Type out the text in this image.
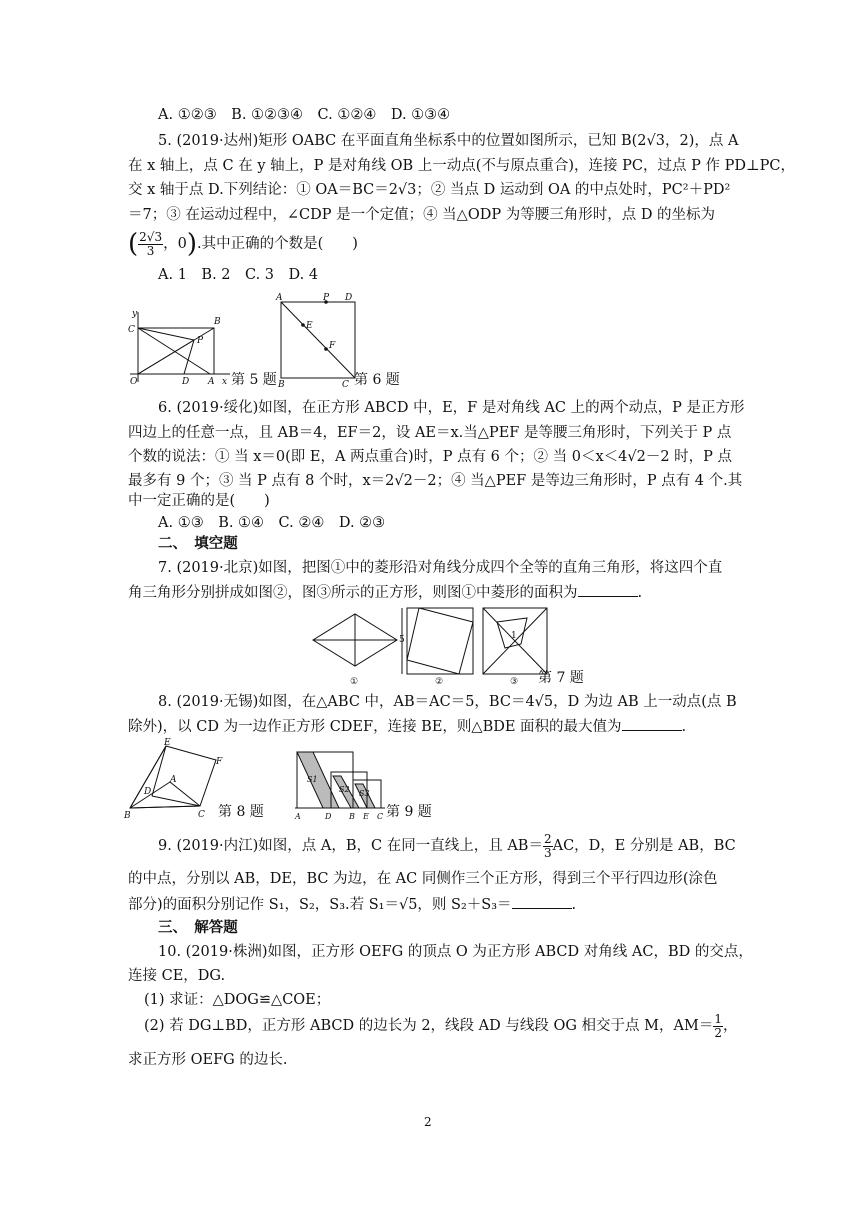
A. ①②③　B. ①②③④　C. ①②④　D. ①③④
5. (2019·达州)矩形 OABC 在平面直角坐标系中的位置如图所示，已知 B(2√3，2)，点 A
在 x 轴上，点 C 在 y 轴上，P 是对角线 OB 上一动点(不与原点重合)，连接 PC，过点 P 作 PD⊥PC，
交 x 轴于点 D.下列结论：① OA＝BC＝2√3；② 当点 D 运动到 OA 的中点处时，PC²＋PD²
＝7；③ 在运动过程中，∠CDP 是一个定值；④ 当△ODP 为等腰三角形时，点 D 的坐标为
( $\frac{2√3}{3}$ ，0).其中正确的个数是(　　)
A. 1　B. 2　C. 3　D. 4
y
C
B
P
O	D A x 第 5 题
A	P D
E
F
B	C 第 6 题
6. (2019·绥化)如图，在正方形 ABCD 中，E，F 是对角线 AC 上的两个动点，P 是正方形
四边上的任意一点，且 AB＝4，EF＝2，设 AE＝x.当△PEF 是等腰三角形时，下列关于 P 点
个数的说法：① 当 x＝0(即 E，A 两点重合)时，P 点有 6 个；② 当 0＜x＜4√2－2 时，P 点
最多有 9 个；③ 当 P 点有 8 个时，x＝2√2－2；④ 当△PEF 是等边三角形时，P 点有 4 个.其
中一定正确的是(　　)
A. ①③　B. ①④　C. ②④　D. ②③
二、　填空题
7. (2019·北京)如图，把图①中的菱形沿对角线分成四个全等的直角三角形，将这四个直
角三角形分别拼成如图②，图③所示的正方形，则图①中菱形的面积为	.
①	②	③
5	1
第 7 题
8. (2019·无锡)如图，在△ABC 中，AB＝AC＝5，BC＝4√5，D 为边 AB 上一动点(点 B
除外)，以 CD 为一边作正方形 CDEF，连接 BE，则△BDE 面积的最大值为	.
E
F
A
D
B	C 第 8 题
S1
S2 S3
A	D B E C 第 9 题
9. (2019·内江)如图，点 A，B，C 在同一直线上，且 $AB= \frac{2}{3}$ AC，D，E 分别是 AB，BC
的中点，分别以 AB，DE，BC 为边，在 AC 同侧作三个正方形，得到三个平行四边形(涂色
部分)的面积分别记作 S₁，S₂，S₃.若 S₁＝√5，则 S₂＋S₃＝	.
三、　解答题
10. (2019·株洲)如图，正方形 OEFG 的顶点 O 为正方形 ABCD 对角线 AC，BD 的交点，
连接 CE，DG.
(1) 求证：△DOG≌△COE；
(2) 若 DG⊥BD，正方形 ABCD 的边长为 2，线段 AD 与线段 OG 相交于点 M，$AM= \frac{1}{2}$ ，
求正方形 OEFG 的边长.
2
